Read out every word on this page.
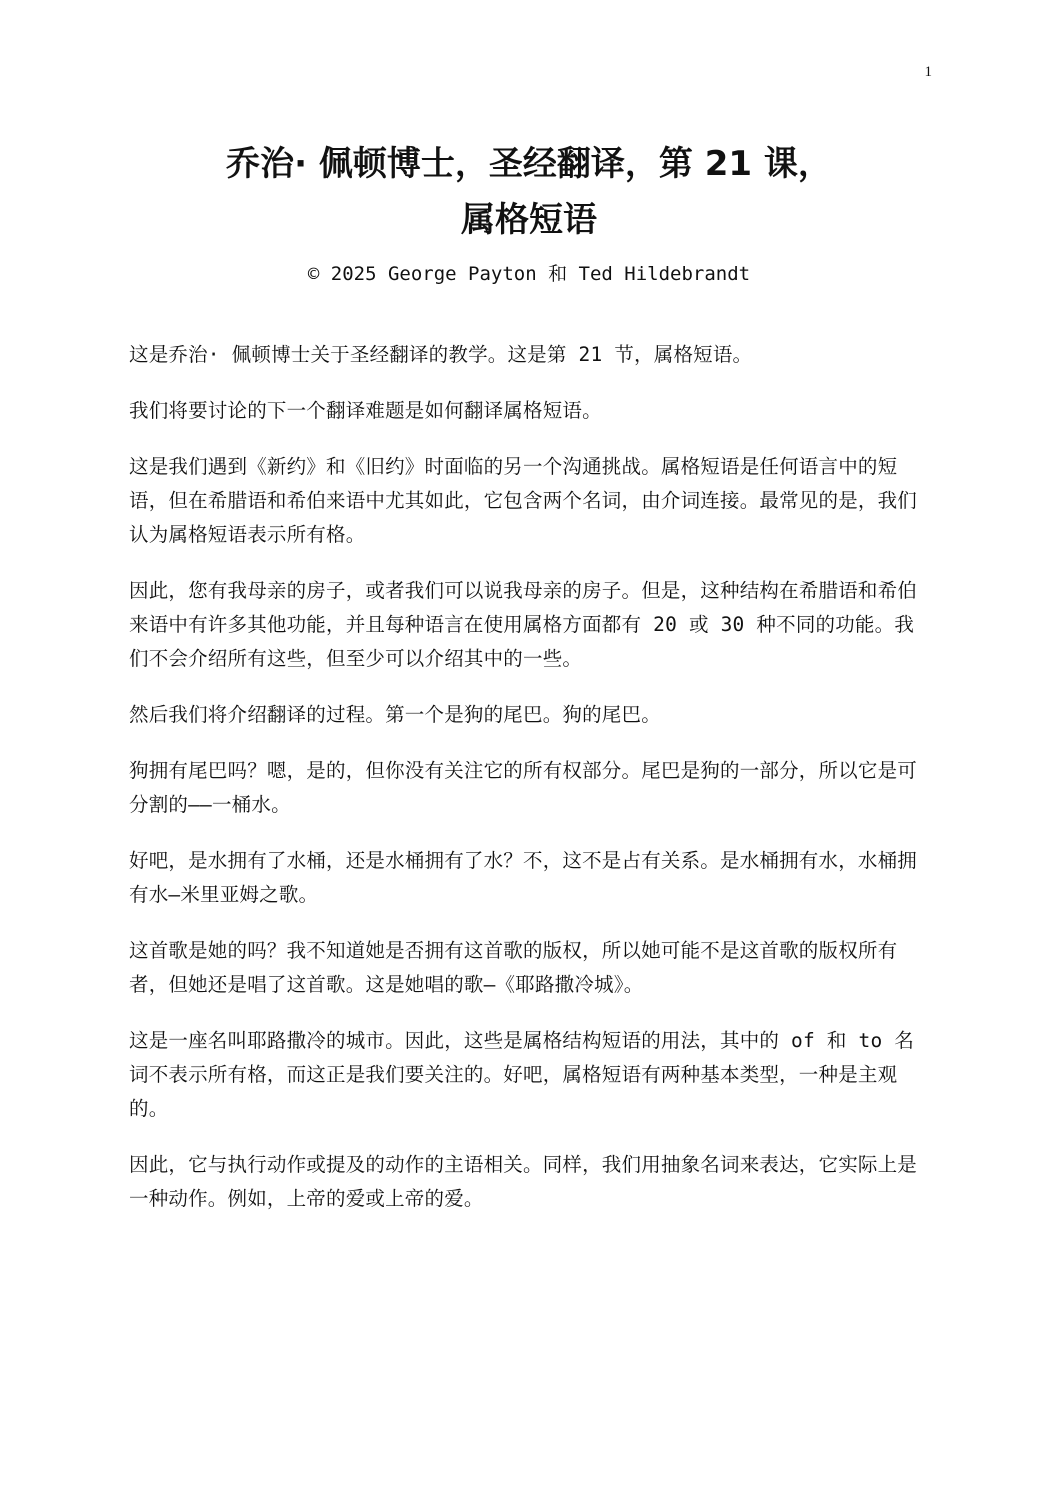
1
乔治· 佩顿博士，圣经翻译，第 21 课，
属格短语
© 2025 George Payton 和 Ted Hildebrandt

这是乔治· 佩顿博士关于圣经翻译的教学。这是第 21 节，属格短语。

我们将要讨论的下一个翻译难题是如何翻译属格短语。

这是我们遇到《新约》和《旧约》时面临的另一个沟通挑战。属格短语是任何语言中的短语，但在希腊语和希伯来语中尤其如此，它包含两个名词，由介词连接。最常见的是，我们认为属格短语表示所有格。

因此，您有我母亲的房子，或者我们可以说我母亲的房子。但是，这种结构在希腊语和希伯来语中有许多其他功能，并且每种语言在使用属格方面都有 20 或 30 种不同的功能。我们不会介绍所有这些，但至少可以介绍其中的一些。

然后我们将介绍翻译的过程。第一个是狗的尾巴。狗的尾巴。

狗拥有尾巴吗？嗯，是的，但你没有关注它的所有权部分。尾巴是狗的一部分，所以它是可分割的——一桶水。

好吧，是水拥有了水桶，还是水桶拥有了水？不，这不是占有关系。是水桶拥有水，水桶拥有水—米里亚姆之歌。

这首歌是她的吗？我不知道她是否拥有这首歌的版权，所以她可能不是这首歌的版权所有者，但她还是唱了这首歌。这是她唱的歌—《耶路撒冷城》。

这是一座名叫耶路撒冷的城市。因此，这些是属格结构短语的用法，其中的 of 和 to 名词不表示所有格，而这正是我们要关注的。好吧，属格短语有两种基本类型，一种是主观的。

因此，它与执行动作或提及的动作的主语相关。同样，我们用抽象名词来表达，它实际上是一种动作。例如，上帝的爱或上帝的爱。
